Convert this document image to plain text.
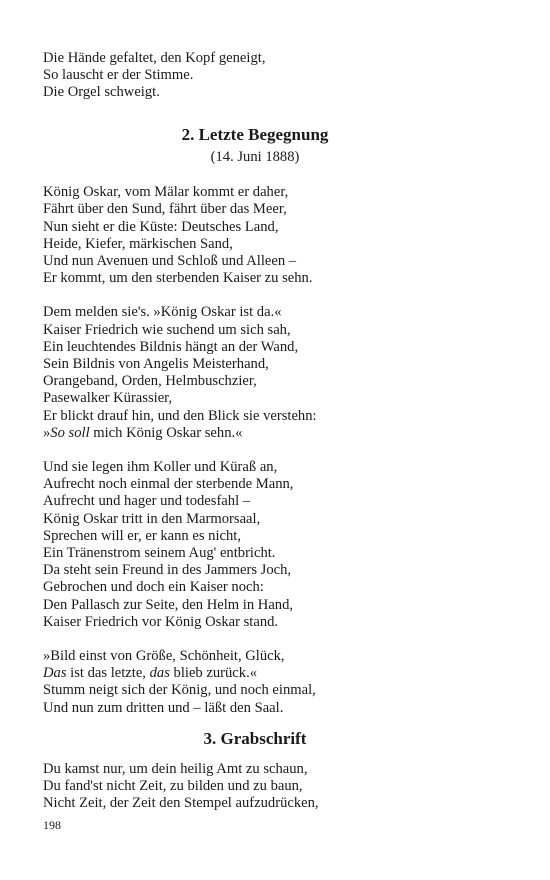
Die Hände gefaltet, den Kopf geneigt,
So lauscht er der Stimme.
Die Orgel schweigt.
2. Letzte Begegnung
(14. Juni 1888)
König Oskar, vom Mälar kommt er daher,
Fährt über den Sund, fährt über das Meer,
Nun sieht er die Küste: Deutsches Land,
Heide, Kiefer, märkischen Sand,
Und nun Avenuen und Schloß und Alleen –
Er kommt, um den sterbenden Kaiser zu sehn.
Dem melden sie's. »König Oskar ist da.«
Kaiser Friedrich wie suchend um sich sah,
Ein leuchtendes Bildnis hängt an der Wand,
Sein Bildnis von Angelis Meisterhand,
Orangeband, Orden, Helmbuschzier,
Pasewalker Kürassier,
Er blickt drauf hin, und den Blick sie verstehn:
»So soll mich König Oskar sehn.«
Und sie legen ihm Koller und Küraß an,
Aufrecht noch einmal der sterbende Mann,
Aufrecht und hager und todesfahl –
König Oskar tritt in den Marmorsaal,
Sprechen will er, er kann es nicht,
Ein Tränenstrom seinem Aug' entbricht.
Da steht sein Freund in des Jammers Joch,
Gebrochen und doch ein Kaiser noch:
Den Pallasch zur Seite, den Helm in Hand,
Kaiser Friedrich vor König Oskar stand.
»Bild einst von Größe, Schönheit, Glück,
Das ist das letzte, das blieb zurück.«
Stumm neigt sich der König, und noch einmal,
Und nun zum dritten und – läßt den Saal.
3. Grabschrift
Du kamst nur, um dein heilig Amt zu schaun,
Du fand'st nicht Zeit, zu bilden und zu baun,
Nicht Zeit, der Zeit den Stempel aufzudrücken,
198
